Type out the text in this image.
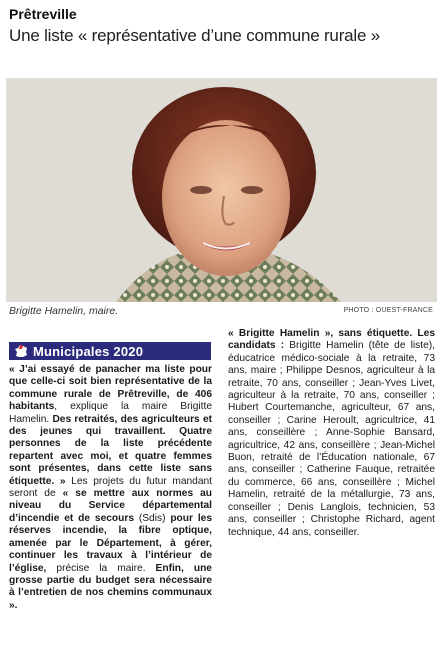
Prêtreville
Une liste « représentative d’une commune rurale »
Brigitte Hamelin, maire.	PHOTO : OUEST-FRANCE
Municipales 2020

« J’ai essayé de panacher ma liste pour que celle-ci soit bien représentative de la commune rurale de Prêtreville, de 406 habitants, explique la maire Brigitte Hamelin. Des retraités, des agriculteurs et des jeunes qui travaillent. Quatre personnes de la liste précédente repartent avec moi, et quatre femmes sont présentes, dans cette liste sans étiquette. » Les projets du futur mandant seront de « se mettre aux normes au niveau du Service départemental d’incendie et de secours (Sdis) pour les réserves incendie, la fibre optique, amenée par le Département, à gérer, continuer les travaux à l’intérieur de l’église, précise la maire. Enfin, une grosse partie du budget sera nécessaire à l’entretien de nos chemins communaux ».

« Brigitte Hamelin », sans étiquette. Les candidats : Brigitte Hamelin (tête de liste), éducatrice médico-sociale à la retraite, 73 ans, maire ; Philippe Desnos, agriculteur à la retraite, 70 ans, conseiller ; Jean-Yves Livet, agriculteur à la retraite, 70 ans, conseiller ; Hubert Courtemanche, agriculteur, 67 ans, conseiller ; Carine Heroult, agricultrice, 41 ans, conseillère ; Anne-Sophie Bansard, agricultrice, 42 ans, conseillère ; Jean-Michel Buon, retraité de l’Éducation nationale, 67 ans, conseiller ; Catherine Fauque, retraitée du commerce, 66 ans, conseillère ; Michel Hamelin, retraité de la métallurgie, 73 ans, conseiller ; Denis Langlois, technicien, 53 ans, conseiller ; Christophe Richard, agent technique, 44 ans, conseiller.
